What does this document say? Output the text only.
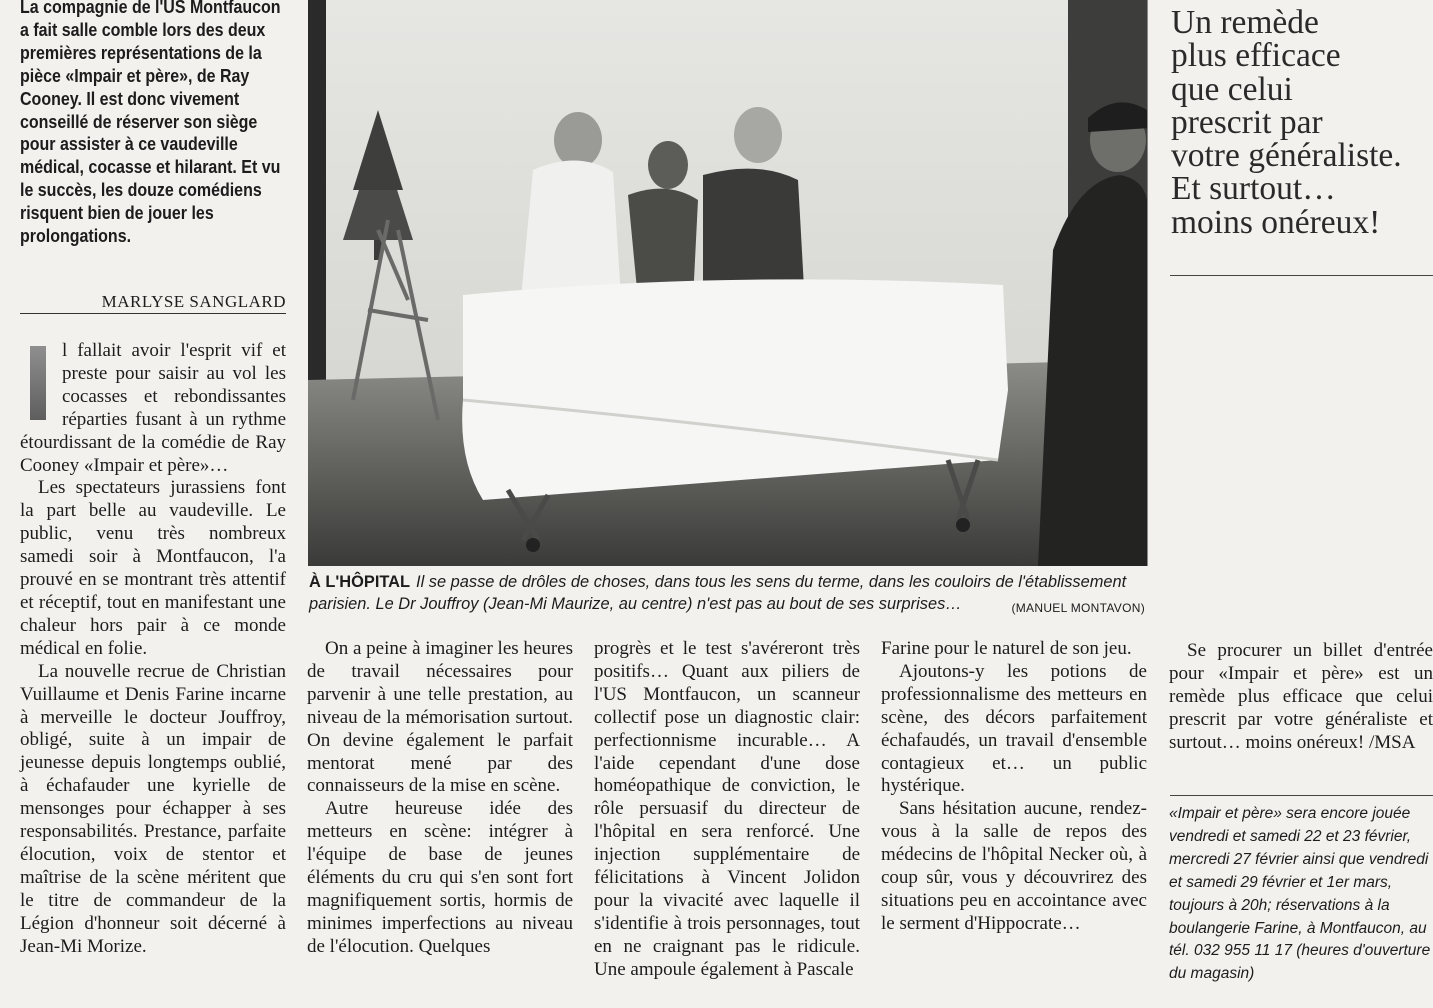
La compagnie de l'US Montfaucon a fait salle comble lors des deux premières représentations de la pièce «Impair et père», de Ray Cooney. Il est donc vivement conseillé de réserver son siège pour assister à ce vaudeville médical, cocasse et hilarant. Et vu le succès, les douze comédiens risquent bien de jouer les prolongations.
MARLYSE SANGLARD

l fallait avoir l'esprit vif et preste pour saisir au vol les cocasses et rebondissantes réparties fusant à un rythme étourdissant de la comédie de Ray Cooney «Impair et père»…

Les spectateurs jurassiens font la part belle au vaudeville. Le public, venu très nombreux samedi soir à Montfaucon, l'a prouvé en se montrant très attentif et réceptif, tout en manifestant une chaleur hors pair à ce monde médical en folie.

La nouvelle recrue de Christian Vuillaume et Denis Farine incarne à merveille le docteur Jouffroy, obligé, suite à un impair de jeunesse depuis longtemps oublié, à échafauder une kyrielle de mensonges pour échapper à ses responsabilités. Prestance, parfaite élocution, voix de stentor et maîtrise de la scène méritent que le titre de commandeur de la Légion d'honneur soit décerné à Jean-Mi Morize.

À L'HÔPITAL Il se passe de drôles de choses, dans tous les sens du terme, dans les couloirs de l'établissement parisien. Le Dr Jouffroy (Jean-Mi Maurize, au centre) n'est pas au bout de ses surprises…	(MANUEL MONTAVON)

On a peine à imaginer les heures de travail nécessaires pour parvenir à une telle prestation, au niveau de la mémorisation surtout. On devine également le parfait mentorat mené par des connaisseurs de la mise en scène.

Autre heureuse idée des metteurs en scène: intégrer à l'équipe de base de jeunes éléments du cru qui s'en sont fort magnifiquement sortis, hormis de minimes imperfections au niveau de l'élocution. Quelques

progrès et le test s'avéreront très positifs… Quant aux piliers de l'US Montfaucon, un scanneur collectif pose un diagnostic clair: perfectionnisme incurable… A l'aide cependant d'une dose homéopathique de conviction, le rôle persuasif du directeur de l'hôpital en sera renforcé. Une injection supplémentaire de félicitations à Vincent Jolidon pour la vivacité avec laquelle il s'identifie à trois personnages, tout en ne craignant pas le ridicule. Une ampoule également à Pascale

Farine pour le naturel de son jeu.

Ajoutons-y les potions de professionnalisme des metteurs en scène, des décors parfaitement échafaudés, un travail d'ensemble contagieux et… un public hystérique.

Sans hésitation aucune, rendez-vous à la salle de repos des médecins de l'hôpital Necker où, à coup sûr, vous y découvrirez des situations peu en accointance avec le serment d'Hippocrate…

Un remède
plus efficace
que celui
prescrit par
votre généraliste.
Et surtout…
moins onéreux!

Se procurer un billet d'entrée pour «Impair et père» est un remède plus efficace que celui prescrit par votre généraliste et surtout… moins onéreux! /MSA

«Impair et père» sera encore jouée vendredi et samedi 22 et 23 février, mercredi 27 février ainsi que vendredi et samedi 29 février et 1er mars, toujours à 20h; réservations à la boulangerie Farine, à Montfaucon, au tél. 032 955 11 17 (heures d'ouverture du magasin)
